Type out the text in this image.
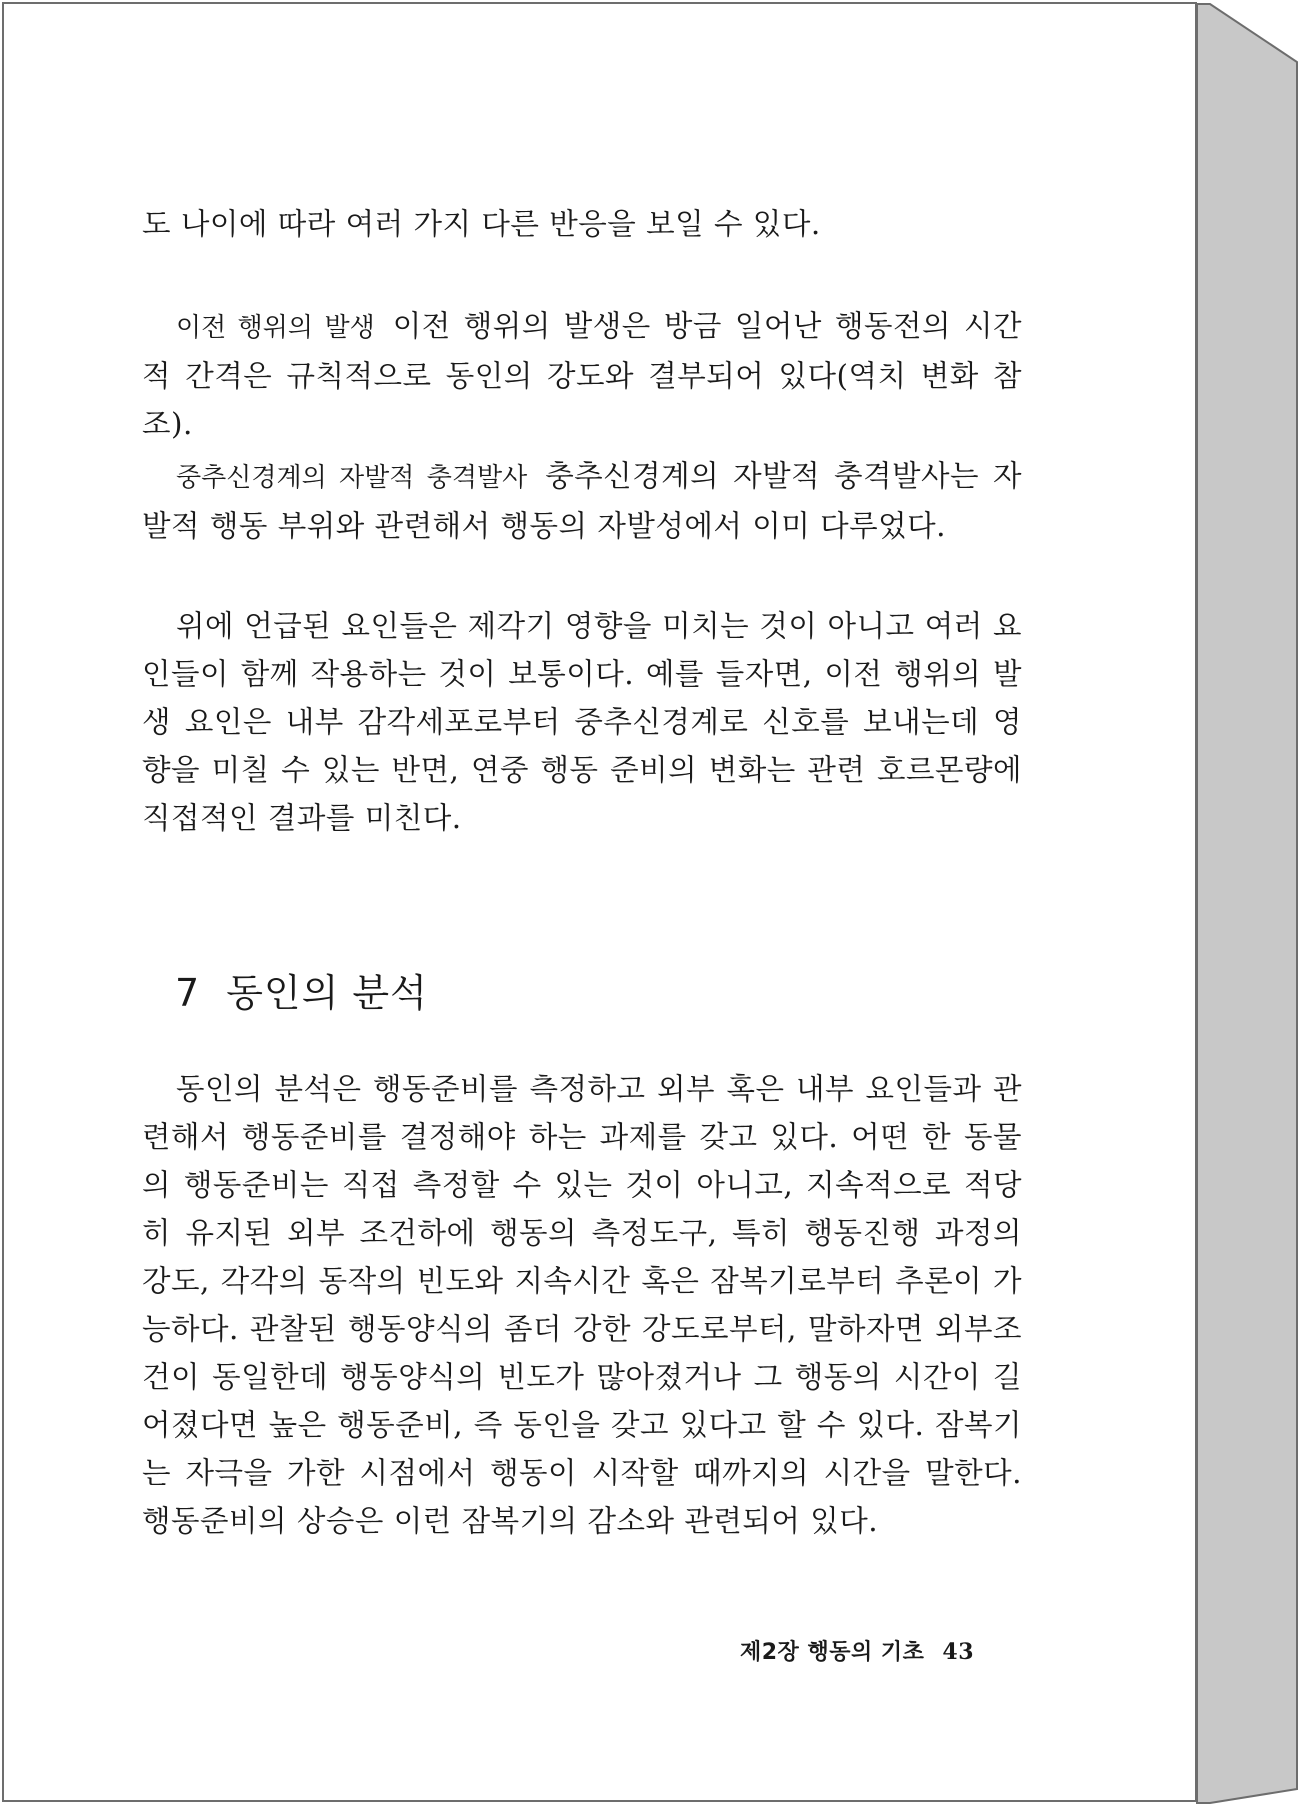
도 나이에 따라 여러 가지 다른 반응을 보일 수 있다.

이전 행위의 발생 이전 행위의 발생은 방금 일어난 행동전의 시간적 간격은 규칙적으로 동인의 강도와 결부되어 있다(역치 변화 참조).

중추신경계의 자발적 충격발사 충추신경계의 자발적 충격발사는 자발적 행동 부위와 관련해서 행동의 자발성에서 이미 다루었다.

위에 언급된 요인들은 제각기 영향을 미치는 것이 아니고 여러 요인들이 함께 작용하는 것이 보통이다. 예를 들자면, 이전 행위의 발생 요인은 내부 감각세포로부터 중추신경계로 신호를 보내는데 영향을 미칠 수 있는 반면, 연중 행동 준비의 변화는 관련 호르몬량에 직접적인 결과를 미친다.

7 동인의 분석

동인의 분석은 행동준비를 측정하고 외부 혹은 내부 요인들과 관련해서 행동준비를 결정해야 하는 과제를 갖고 있다. 어떤 한 동물의 행동준비는 직접 측정할 수 있는 것이 아니고, 지속적으로 적당히 유지된 외부 조건하에 행동의 측정도구, 특히 행동진행 과정의 강도, 각각의 동작의 빈도와 지속시간 혹은 잠복기로부터 추론이 가능하다. 관찰된 행동양식의 좀더 강한 강도로부터, 말하자면 외부조건이 동일한데 행동양식의 빈도가 많아졌거나 그 행동의 시간이 길어졌다면 높은 행동준비, 즉 동인을 갖고 있다고 할 수 있다. 잠복기는 자극을 가한 시점에서 행동이 시작할 때까지의 시간을 말한다. 행동준비의 상승은 이런 잠복기의 감소와 관련되어 있다.

제2장 행동의 기초 43
